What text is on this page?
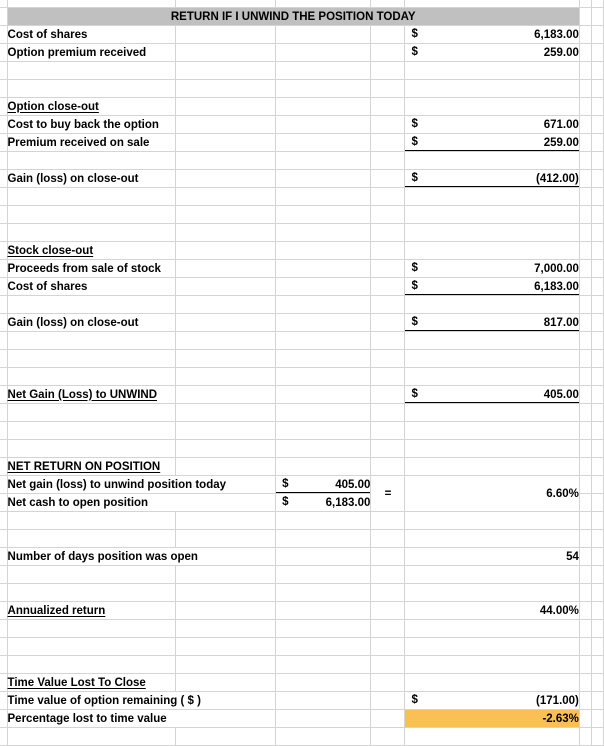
	RETURN IF I UNWIND THE POSITION TODAY						
	Cost of shares				$ 6,183.00		
	Option premium received				$ 259.00		

	Option close-out						
	Cost to buy back the option				$ 671.00		
	Premium received on sale				$ 259.00		

	Gain (loss) on close-out				$ (412.00)		

	Stock close-out						
	Proceeds from sale of stock				$ 7,000.00		
	Cost of shares				$ 6,183.00		

	Gain (loss) on close-out				$ 817.00		

	Net Gain (Loss) to UNWIND				$ 405.00		

	NET RETURN ON POSITION						
	Net gain (loss) to unwind position today		$ 405.00	=	6.60%		
	Net cash to open position		$ 6,183.00				

	Number of days position was open				54		

	Annualized return				44.00%		

	Time Value Lost To Close						
	Time value of option remaining ( $ )				$ (171.00)		
	Percentage lost to time value				-2.63%		
